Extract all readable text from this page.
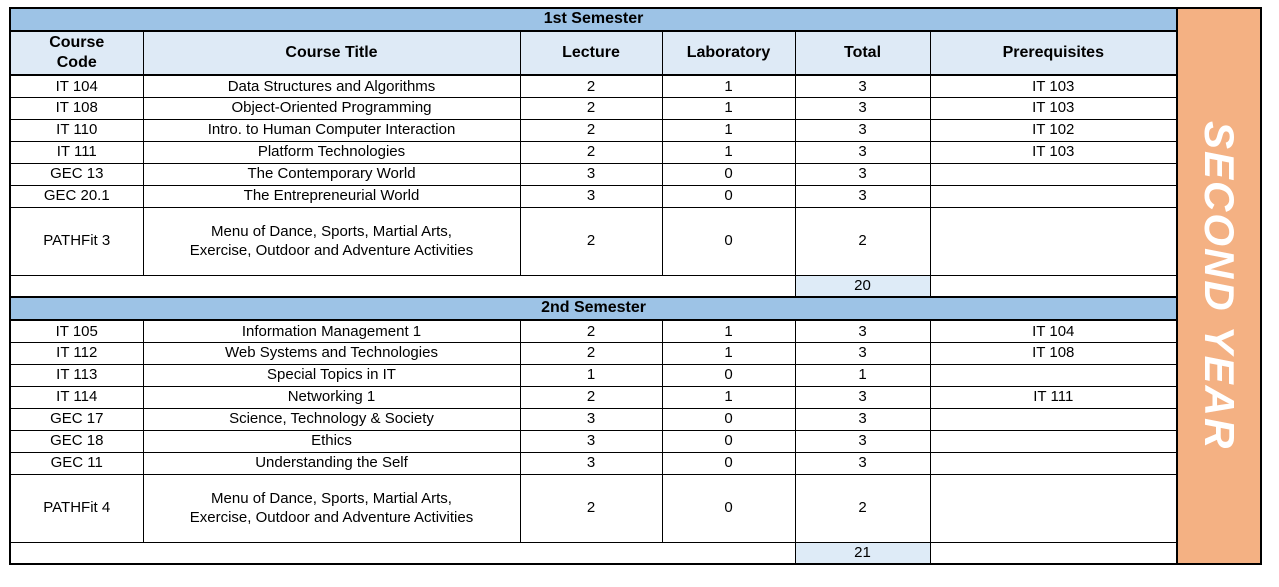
1st Semester					
Course Code	Course Title	Lecture	Laboratory	Total	Prerequisites
IT 104	Data Structures and Algorithms	2	1	3	IT 103
IT 108	Object-Oriented Programming	2	1	3	IT 103
IT 110	Intro. to Human Computer Interaction	2	1	3	IT 102
IT 111	Platform Technologies	2	1	3	IT 103
GEC 13	The Contemporary World	3	0	3	
GEC 20.1	The Entrepreneurial World	3	0	3	
PATHFit 3	Menu of Dance, Sports, Martial Arts, Exercise, Outdoor and Adventure Activities	2	0	2	
				20	
2nd Semester					
IT 105	Information Management 1	2	1	3	IT 104
IT 112	Web Systems and Technologies	2	1	3	IT 108
IT 113	Special Topics in IT	1	0	1	
IT 114	Networking 1	2	1	3	IT 111
GEC 17	Science, Technology & Society	3	0	3	
GEC 18	Ethics	3	0	3	
GEC 11	Understanding the Self	3	0	3	
PATHFit 4	Menu of Dance, Sports, Martial Arts, Exercise, Outdoor and Adventure Activities	2	0	2	
				21	
SECOND YEAR
